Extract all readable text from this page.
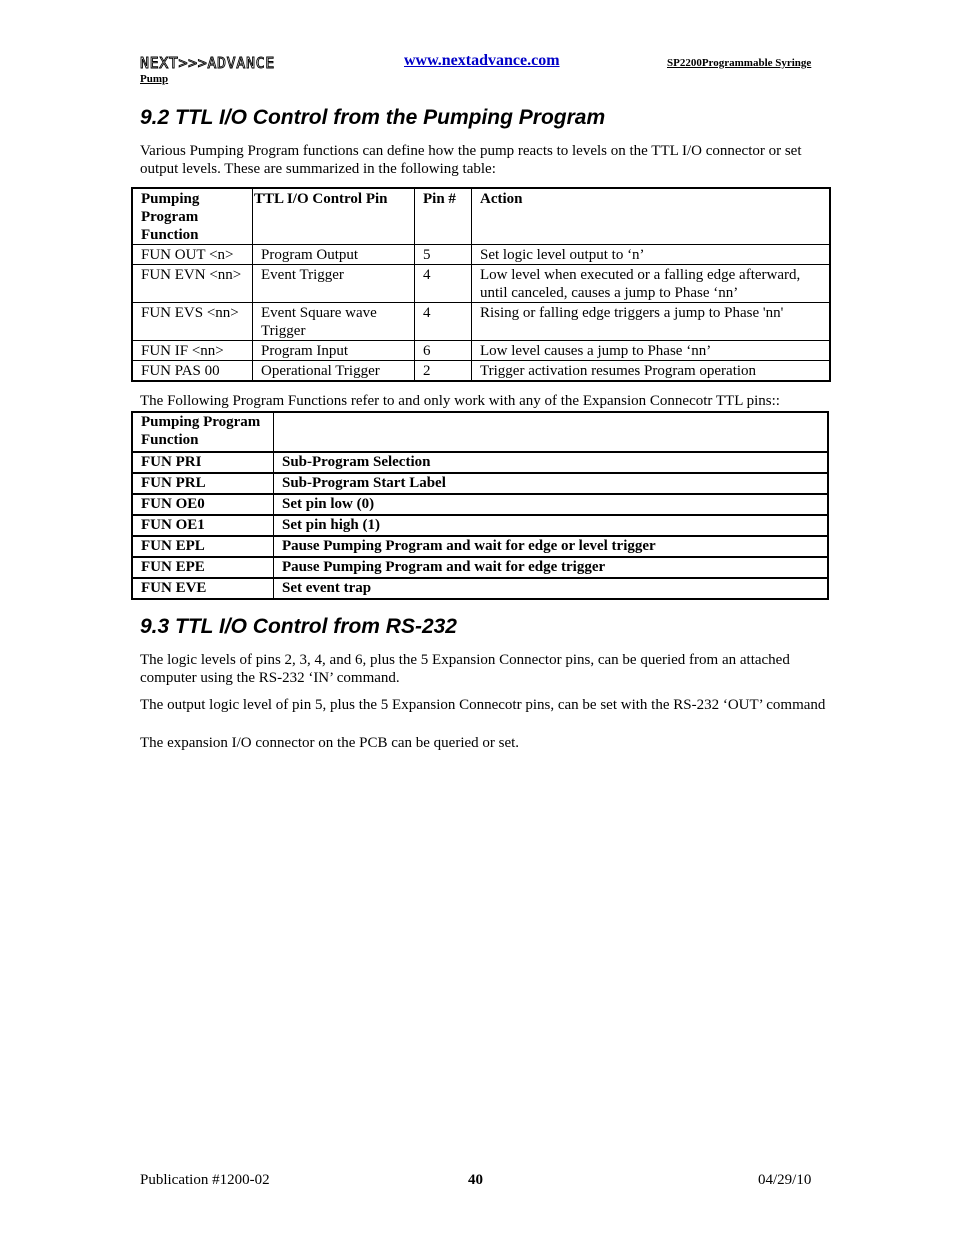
NEXT>>>ADVANCE	www.nextadvance.com	SP2200Programmable Syringe
Pump
9.2 TTL I/O Control from the Pumping Program

Various Pumping Program functions can define how the pump reacts to levels on the TTL I/O connector or set output levels. These are summarized in the following table:

Pumping Program Function	TTL I/O Control Pin	Pin #	Action
FUN OUT <n>	Program Output	5	Set logic level output to ‘n’
FUN EVN <nn>	Event Trigger	4	Low level when executed or a falling edge afterward, until canceled, causes a jump to Phase ‘nn’
FUN EVS <nn>	Event Square wave Trigger	4	Rising or falling edge triggers a jump to Phase 'nn'
FUN IF <nn>	Program Input	6	Low level causes a jump to Phase ‘nn’
FUN PAS 00	Operational Trigger	2	Trigger activation resumes Program operation

The Following Program Functions refer to and only work with any of the Expansion Connecotr TTL pins::

Pumping Program Function	
FUN PRI	Sub-Program Selection
FUN PRL	Sub-Program Start Label
FUN OE0	Set pin low (0)
FUN OE1	Set pin high (1)
FUN EPL	Pause Pumping Program and wait for edge or level trigger
FUN EPE	Pause Pumping Program and wait for edge trigger
FUN EVE	Set event trap
9.3 TTL I/O Control from RS-232

The logic levels of pins 2, 3, 4, and 6, plus the 5 Expansion Connector pins, can be queried from an attached computer using the RS-232 ‘IN’ command.

The output logic level of pin 5, plus the 5 Expansion Connecotr pins, can be set with the RS-232 ‘OUT’ command

The expansion I/O connector on the PCB can be queried or set.

Publication #1200-02	40	04/29/10
